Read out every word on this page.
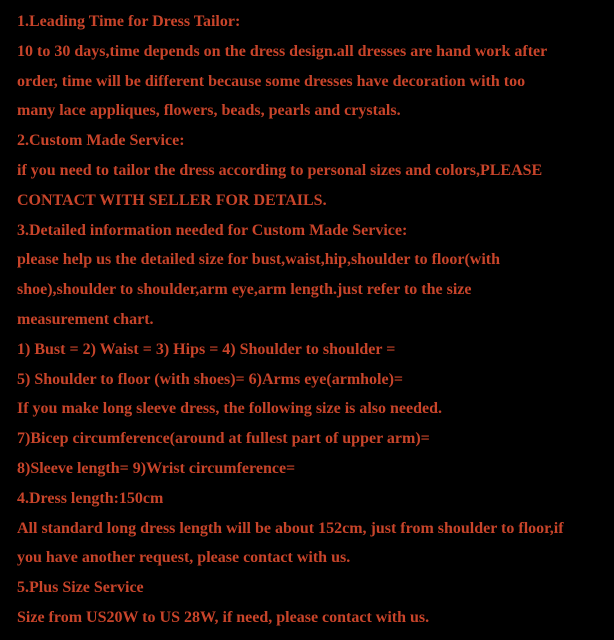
1.Leading Time for Dress Tailor:
10 to 30 days,time depends on the dress design.all dresses are hand work after
order, time will be different because some dresses have decoration with too
many lace appliques, flowers, beads, pearls and crystals.
2.Custom Made Service:
if you need to tailor the dress according to personal sizes and colors,PLEASE
CONTACT WITH SELLER FOR DETAILS.
3.Detailed information needed for Custom Made Service:
please help us the detailed size for bust,waist,hip,shoulder to floor(with
shoe),shoulder to shoulder,arm eye,arm length.just refer to the size
measurement chart.
1) Bust = 2) Waist = 3) Hips = 4) Shoulder to shoulder =
5) Shoulder to floor (with shoes)= 6)Arms eye(armhole)=
If you make long sleeve dress, the following size is also needed.
7)Bicep circumference(around at fullest part of upper arm)=
8)Sleeve length= 9)Wrist circumference=
4.Dress length:150cm
All standard long dress length will be about 152cm, just from shoulder to floor,if
you have another request, please contact with us.
5.Plus Size Service
Size from US20W to US 28W, if need, please contact with us.
